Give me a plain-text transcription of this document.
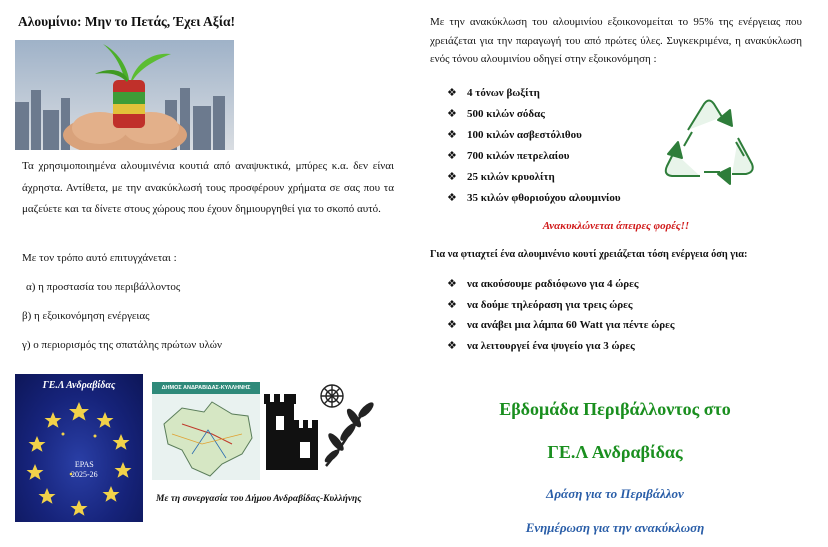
Αλουμίνιο: Μην το Πετάς, Έχει Αξία!
Τα χρησιμοποιημένα αλουμινένια κουτιά από αναψυκτικά, μπύρες κ.α. δεν είναι άχρηστα. Αντίθετα, με την ανακύκλωσή τους προσφέρουν χρήματα σε σας που τα μαζεύετε και τα δίνετε στους χώρους που έχουν δημιουργηθεί για το σκοπό αυτό.
Με τον τρόπο αυτό επιτυγχάνεται :
α) η προστασία του περιβάλλοντος
β) η εξοικονόμηση ενέργειας
γ) ο περιορισμός της σπατάλης πρώτων υλών
ΓΕ.Λ Ανδραβίδας
EPAS
2025-26
ΔΗΜΟΣ ΑΝΔΡΑΒΙΔΑΣ-ΚΥΛΛΗΝΗΣ
Με τη συνεργασία του Δήμου Ανδραβίδας-Κυλλήνης
Με την ανακύκλωση του αλουμινίου εξοικονομείται το 95% της ενέργειας που χρειάζεται για την παραγωγή του από πρώτες ύλες. Συγκεκριμένα, η ανακύκλωση ενός τόνου αλουμινίου οδηγεί στην εξοικονόμηση :
❖ 4 τόνων βωξίτη
❖ 500 κιλών σόδας
❖ 100 κιλών ασβεστόλιθου
❖ 700 κιλών πετρελαίου
❖ 25 κιλών κρυολίτη
❖ 35 κιλών φθοριούχου αλουμινίου
Ανακυκλώνεται άπειρες φορές!!
Για να φτιαχτεί ένα αλουμινένιο κουτί χρειάζεται τόση ενέργεια όση για:
❖ να ακούσουμε ραδιόφωνο για 4 ώρες
❖ να δούμε τηλεόραση για τρεις ώρες
❖ να ανάβει μια λάμπα 60 Watt για πέντε ώρες
❖ να λειτουργεί ένα ψυγείο για 3 ώρες
Εβδομάδα Περιβάλλοντος στο
ΓΕ.Λ Ανδραβίδας
Δράση για το Περιβάλλον
Ενημέρωση για την ανακύκλωση
